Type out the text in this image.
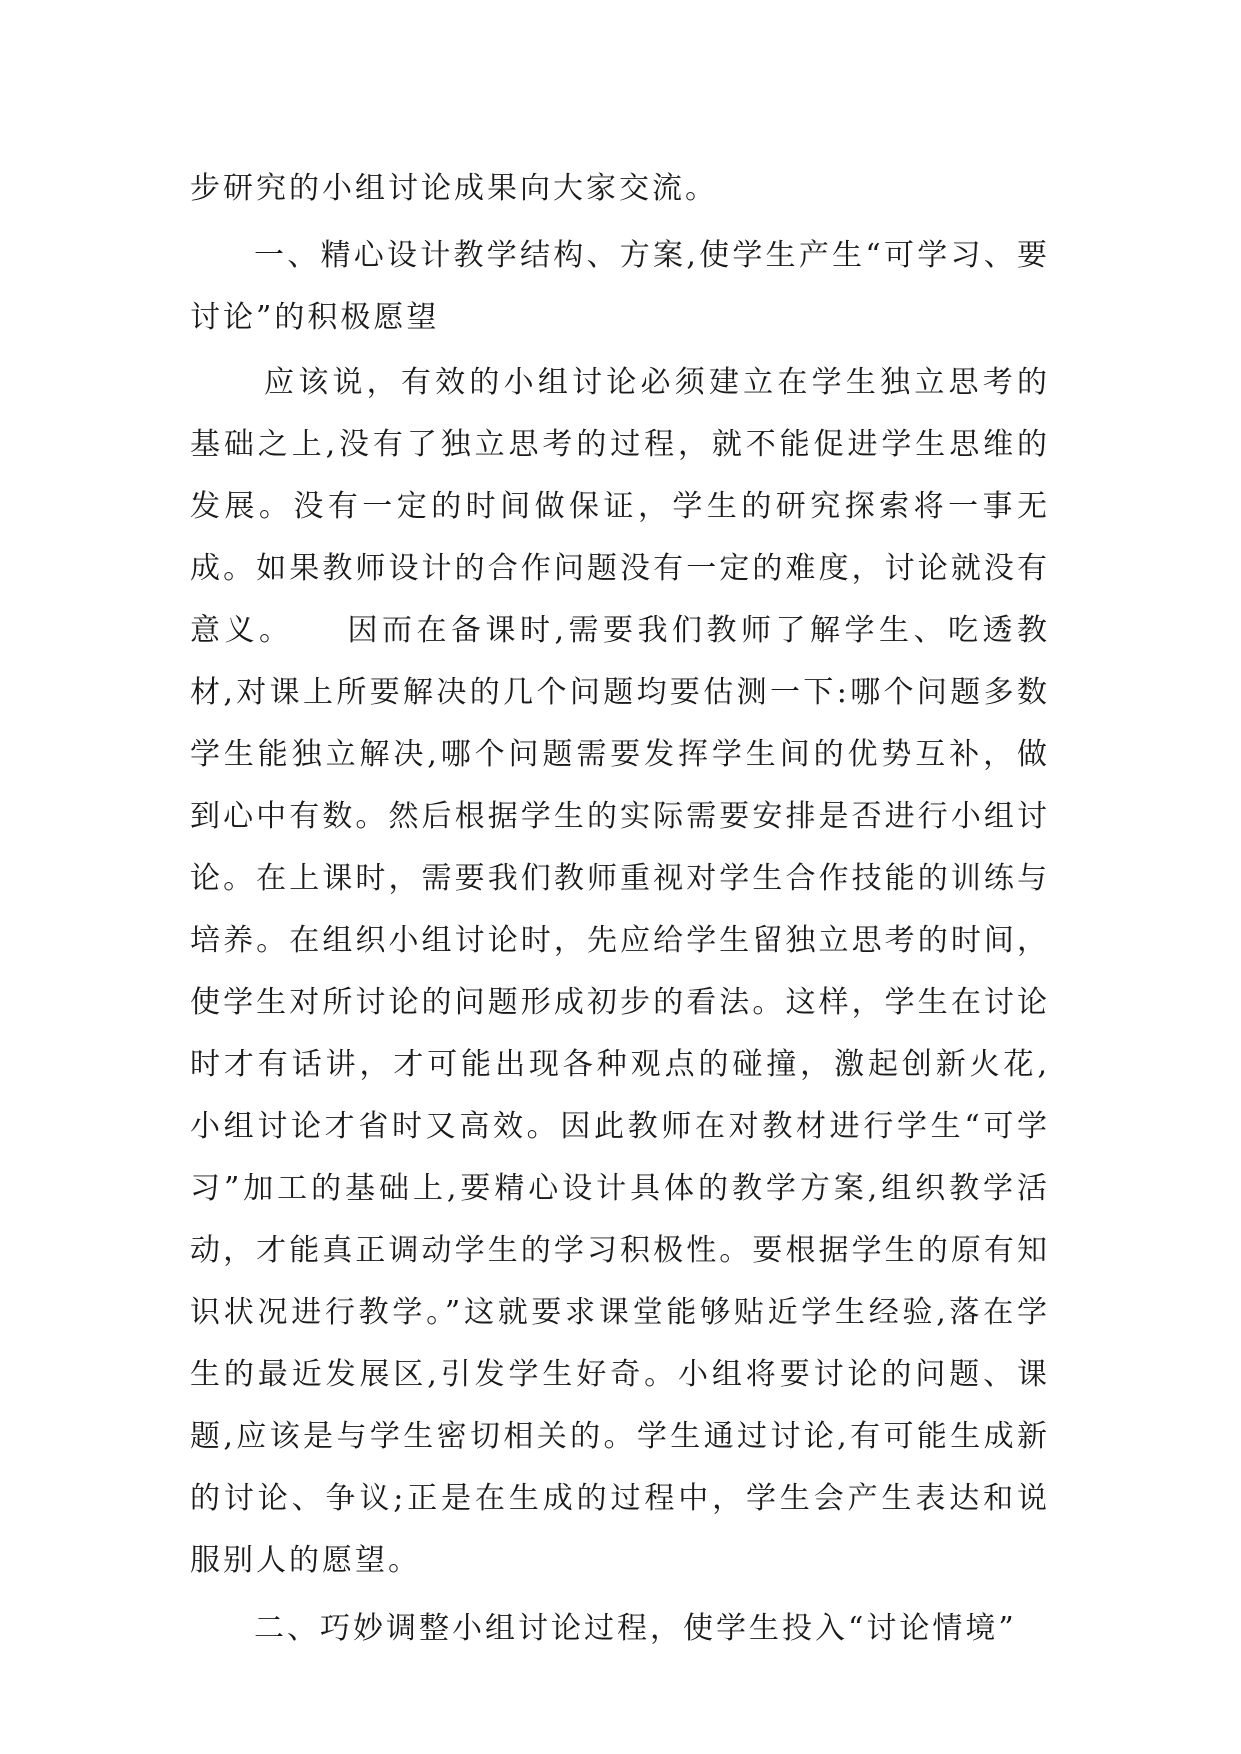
步研究的小组讨论成果向大家交流。

一、精心设计教学结构、方案,使学生产生“可学习、要讨论”的积极愿望

应该说，有效的小组讨论必须建立在学生独立思考的基础之上,没有了独立思考的过程，就不能促进学生思维的发展。没有一定的时间做保证，学生的研究探索将一事无成。如果教师设计的合作问题没有一定的难度，讨论就没有意义。　　因而在备课时,需要我们教师了解学生、吃透教材,对课上所要解决的几个问题均要估测一下:哪个问题多数学生能独立解决,哪个问题需要发挥学生间的优势互补，做到心中有数。然后根据学生的实际需要安排是否进行小组讨论。在上课时，需要我们教师重视对学生合作技能的训练与培养。在组织小组讨论时，先应给学生留独立思考的时间，使学生对所讨论的问题形成初步的看法。这样，学生在讨论时才有话讲，才可能出现各种观点的碰撞，激起创新火花,小组讨论才省时又高效。因此教师在对教材进行学生“可学习”加工的基础上,要精心设计具体的教学方案,组织教学活动，才能真正调动学生的学习积极性。要根据学生的原有知识状况进行教学。”这就要求课堂能够贴近学生经验,落在学生的最近发展区,引发学生好奇。小组将要讨论的问题、课题,应该是与学生密切相关的。学生通过讨论,有可能生成新的讨论、争议;正是在生成的过程中，学生会产生表达和说服别人的愿望。

二、巧妙调整小组讨论过程，使学生投入“讨论情境”
